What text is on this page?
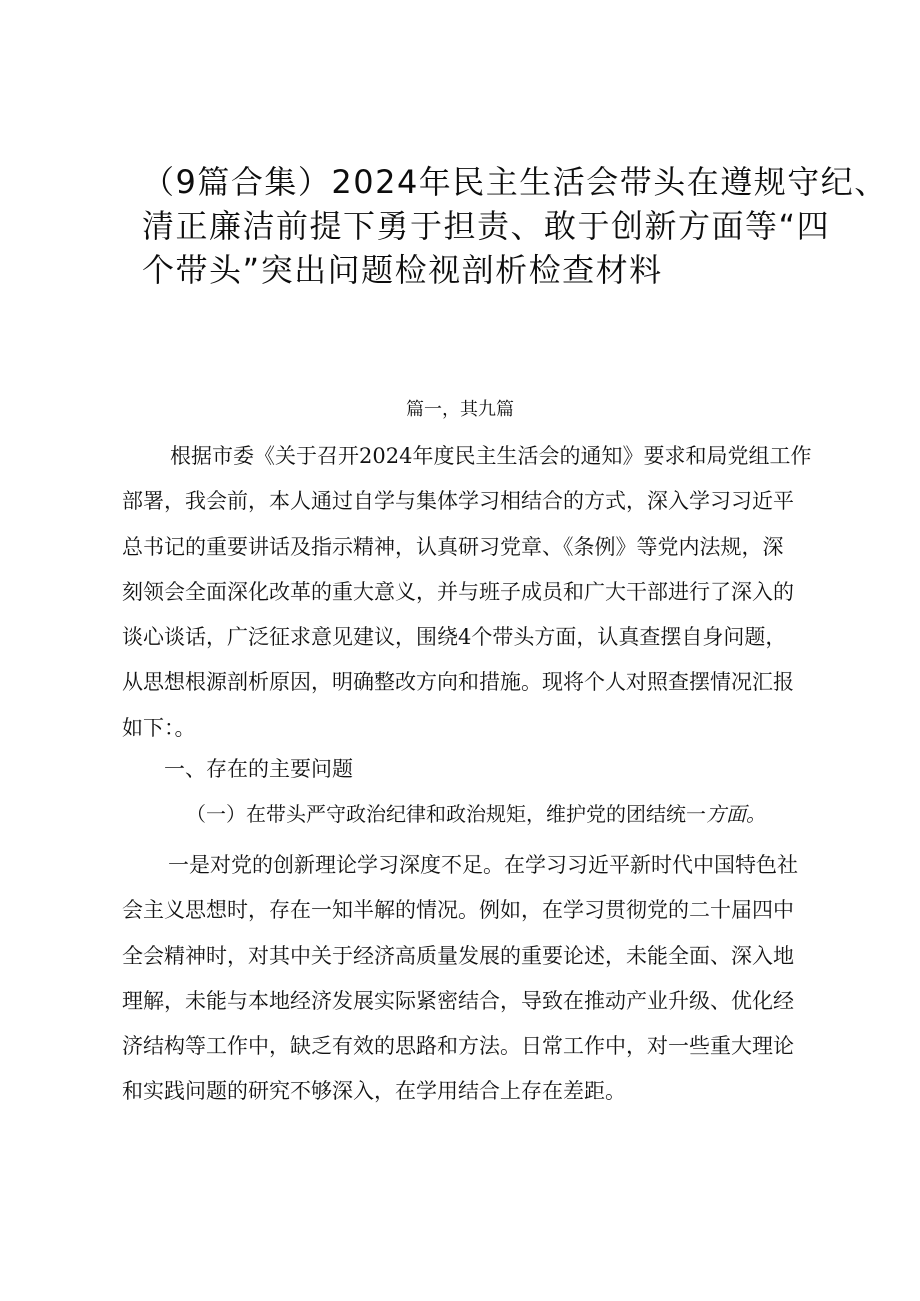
（9篇合集）2024年民主生活会带头在遵规守纪、
清正廉洁前提下勇于担责、敢于创新方面等“四
个带头”突出问题检视剖析检查材料
篇一，其九篇
根据市委《关于召开2024年度民主生活会的通知》要求和局党组工作
部署，我会前，本人通过自学与集体学习相结合的方式，深入学习习近平
总书记的重要讲话及指示精神，认真研习党章、《条例》等党内法规，深
刻领会全面深化改革的重大意义，并与班子成员和广大干部进行了深入的
谈心谈话，广泛征求意见建议，围绕4个带头方面，认真查摆自身问题，
从思想根源剖析原因，明确整改方向和措施。现将个人对照查摆情况汇报
如下：。
一、存在的主要问题
（一）在带头严守政治纪律和政治规矩，维护党的团结统一方面。
一是对党的创新理论学习深度不足。在学习习近平新时代中国特色社
会主义思想时，存在一知半解的情况。例如，在学习贯彻党的二十届四中
全会精神时，对其中关于经济高质量发展的重要论述，未能全面、深入地
理解，未能与本地经济发展实际紧密结合，导致在推动产业升级、优化经
济结构等工作中，缺乏有效的思路和方法。日常工作中，对一些重大理论
和实践问题的研究不够深入，在学用结合上存在差距。
